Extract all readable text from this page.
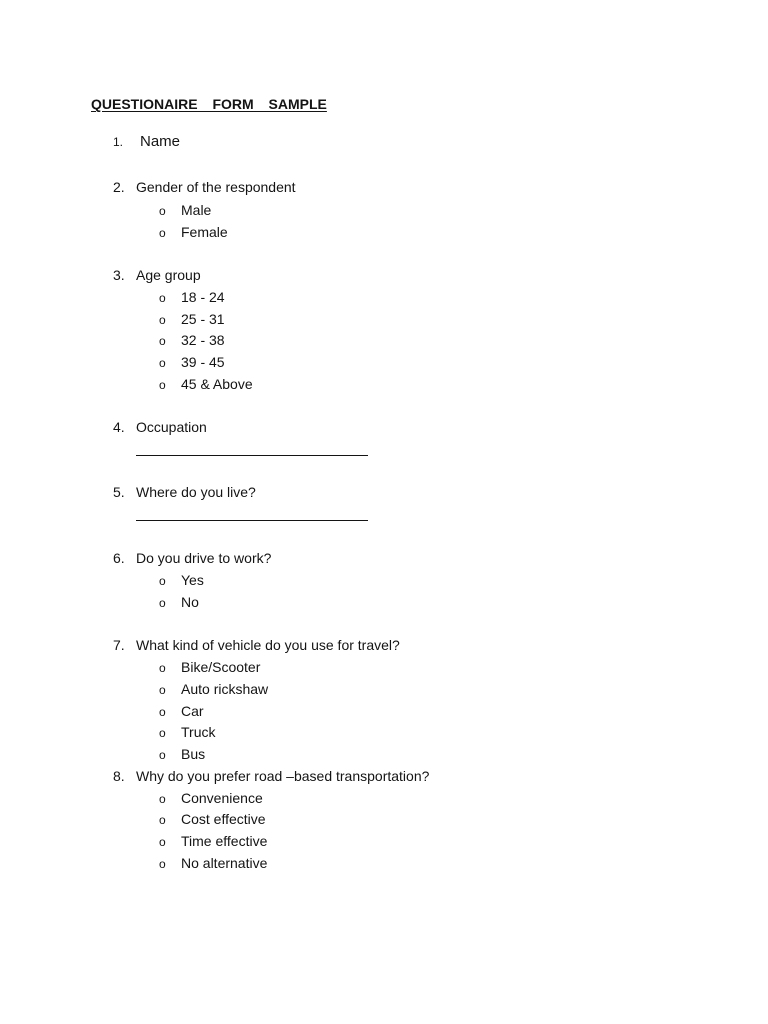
QUESTIONAIRE FORM SAMPLE
1. Name
2. Gender of the respondent
o Male
o Female
3. Age group
o 18 - 24
o 25 - 31
o 32 - 38
o 39 - 45
o 45 & Above
4. Occupation
5. Where do you live?
6. Do you drive to work?
o Yes
o No
7. What kind of vehicle do you use for travel?
o Bike/Scooter
o Auto rickshaw
o Car
o Truck
o Bus
8. Why do you prefer road –based transportation?
o Convenience
o Cost effective
o Time effective
o No alternative
